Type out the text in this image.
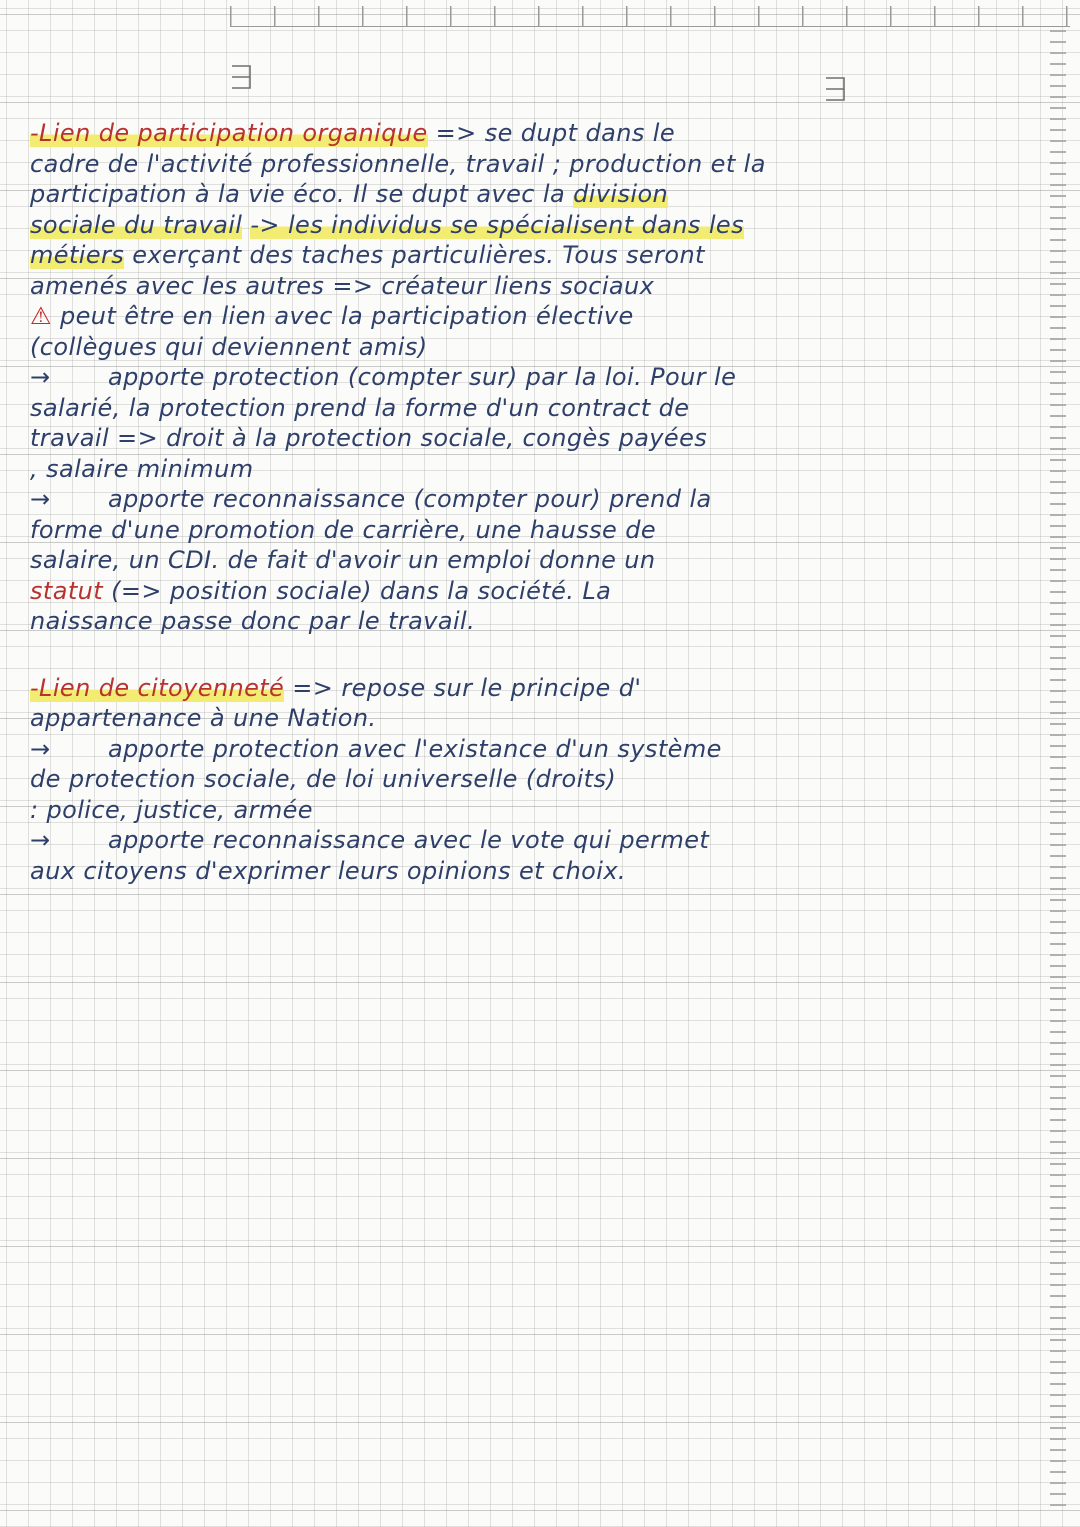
-Lien de participation organique => se dupt dans le
cadre de l'activité professionnelle, travail ; production et la
participation à la vie éco. Il se dupt avec la division
sociale du travail -> les individus se spécialisent dans les
métiers exerçant des taches particulières. Tous seront
amenés avec les autres => créateur liens sociaux
⚠ peut être en lien avec la participation élective
(collègues qui deviennent amis)
→ apporte protection (compter sur) par la loi. Pour le
salarié, la protection prend la forme d'un contract de
travail => droit à la protection sociale, congès payées
, salaire minimum
→ apporte reconnaissance (compter pour) prend la
forme d'une promotion de carrière, une hausse de
salaire, un CDI. de fait d'avoir un emploi donne un
statut (=> position sociale) dans la société. La
naissance passe donc par le travail.
-Lien de citoyenneté => repose sur le principe d'
appartenance à une Nation.
→ apporte protection avec l'existance d'un système
de protection sociale, de loi universelle (droits)
: police, justice, armée
→ apporte reconnaissance avec le vote qui permet
aux citoyens d'exprimer leurs opinions et choix.
